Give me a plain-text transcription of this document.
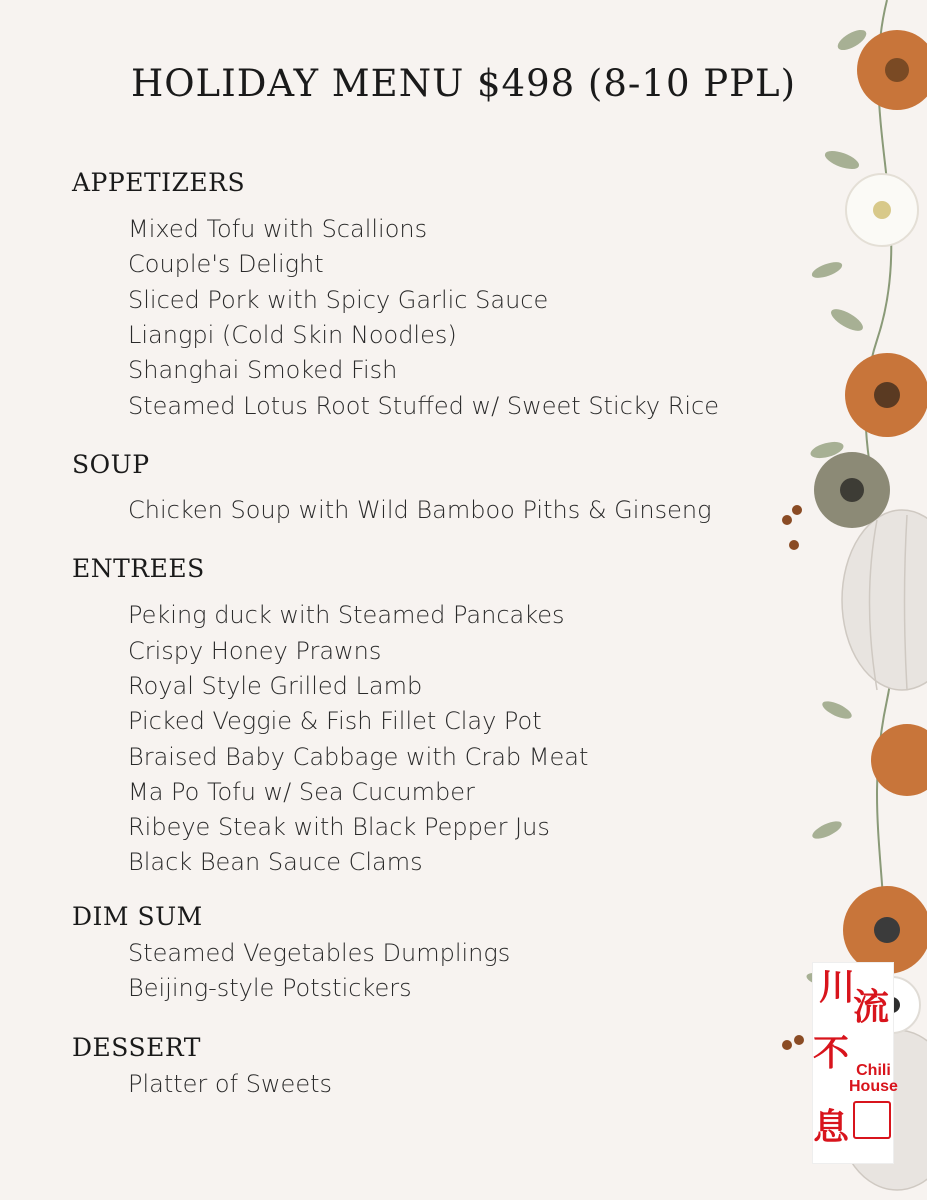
HOLIDAY MENU $498 (8-10 PPL)
APPETIZERS
Mixed Tofu with Scallions
Couple's Delight
Sliced Pork with Spicy Garlic Sauce
Liangpi (Cold Skin Noodles)
Shanghai Smoked Fish
Steamed Lotus Root Stuffed w/ Sweet Sticky Rice
SOUP
Chicken Soup with Wild Bamboo Piths & Ginseng
ENTREES
Peking duck with Steamed Pancakes
Crispy Honey Prawns
Royal Style Grilled Lamb
Picked Veggie & Fish Fillet Clay Pot
Braised Baby Cabbage with Crab Meat
Ma Po Tofu w/ Sea Cucumber
Ribeye Steak with Black Pepper Jus
Black Bean Sauce Clams
DIM SUM
Steamed Vegetables Dumplings
Beijing-style Potstickers
DESSERT
Platter of Sweets
川
流
不
息
Chili
House
